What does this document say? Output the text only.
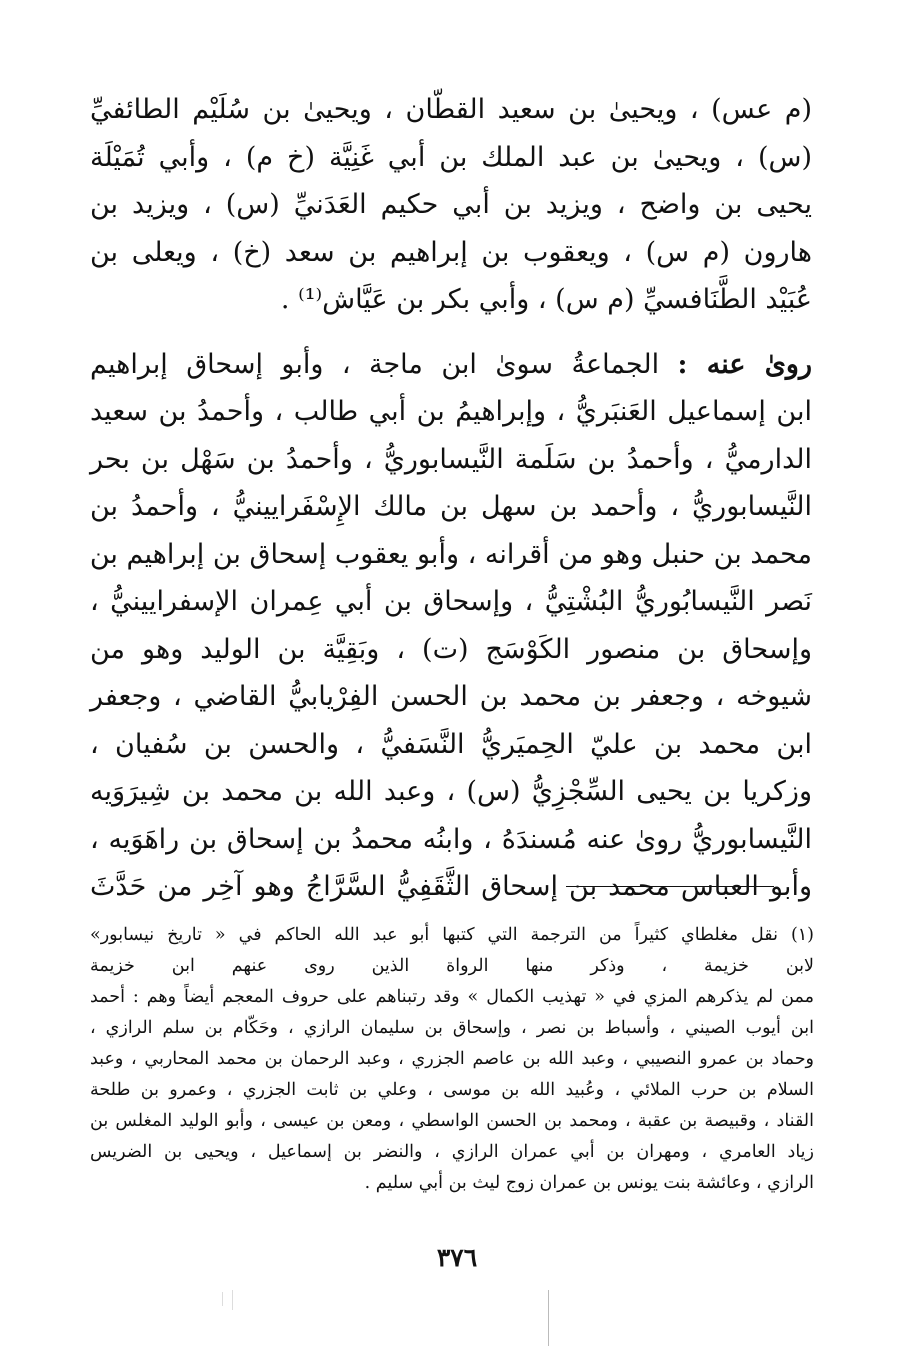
(م عس) ، ويحيىٰ بن سعيد القطّان ، ويحيىٰ بن سُلَيْم الطائفيِّ
(س) ، ويحيىٰ بن عبد الملك بن أبي غَنِيَّة (خ م) ، وأبي تُمَيْلَة
يحيى بن واضح ، ويزيد بن أبي حكيم العَدَنيِّ (س) ، ويزيد بن
هارون (م س) ، ويعقوب بن إبراهيم بن سعد (خ) ، ويعلى بن
عُبَيْد الطَّنَافسيِّ (م س) ، وأبي بكر بن عَيَّاش⁽¹⁾ .
روىٰ عنه : الجماعةُ سوىٰ ابن ماجة ، وأبو إسحاق إبراهيم
ابن إسماعيل العَنبَريُّ ، وإبراهيمُ بن أبي طالب ، وأحمدُ بن سعيد
الدارميُّ ، وأحمدُ بن سَلَمة النَّيسابوريُّ ، وأحمدُ بن سَهْل بن بحر
النَّيسابوريُّ ، وأحمد بن سهل بن مالك الإِسْفَرايينيُّ ، وأحمدُ بن
محمد بن حنبل وهو من أقرانه ، وأبو يعقوب إسحاق بن إبراهيم بن
نَصر النَّيسابُوريُّ البُشْتِيُّ ، وإسحاق بن أبي عِمران الإسفرايينيُّ ،
وإسحاق بن منصور الكَوْسَج (ت) ، وبَقِيَّة بن الوليد وهو من
شيوخه ، وجعفر بن محمد بن الحسن الفِرْيابيُّ القاضي ، وجعفر
ابن محمد بن عليّ الحِميَريُّ النَّسَفيُّ ، والحسن بن سُفيان ،
وزكريا بن يحيى السِّجْزِيُّ (س) ، وعبد الله بن محمد بن شِيرَوَيه
النَّيسابوريُّ روىٰ عنه مُسندَهُ ، وابنُه محمدُ بن إسحاق بن راهَوَيه ،
وأبو العباس محمد بن إسحاق الثَّقَفِيُّ السَّرَّاجُ وهو آخِر من حَدَّثَ
(١) نقل مغلطاي كثيراً من الترجمة التي كتبها أبو عبد الله الحاكم في « تاريخ نيسابور»
لابن خزيمة ، وذكر منها الرواة الذين روى عنهم ابن خزيمة
ممن لم يذكرهم المزي في « تهذيب الكمال » وقد رتبناهم على حروف المعجم أيضاً وهم : أحمد
ابن أيوب الصيني ، وأسباط بن نصر ، وإسحاق بن سليمان الرازي ، وحَكّام بن سلم الرازي ،
وحماد بن عمرو النصيبي ، وعبد الله بن عاصم الجزري ، وعبد الرحمان بن محمد المحاربي ، وعبد
السلام بن حرب الملائي ، وعُبيد الله بن موسى ، وعلي بن ثابت الجزري ، وعمرو بن طلحة
القناد ، وقبيصة بن عقبة ، ومحمد بن الحسن الواسطي ، ومعن بن عيسى ، وأبو الوليد المغلس بن
زياد العامري ، ومهران بن أبي عمران الرازي ، والنضر بن إسماعيل ، ويحيى بن الضريس
الرازي ، وعائشة بنت يونس بن عمران زوج ليث بن أبي سليم .
٣٧٦
